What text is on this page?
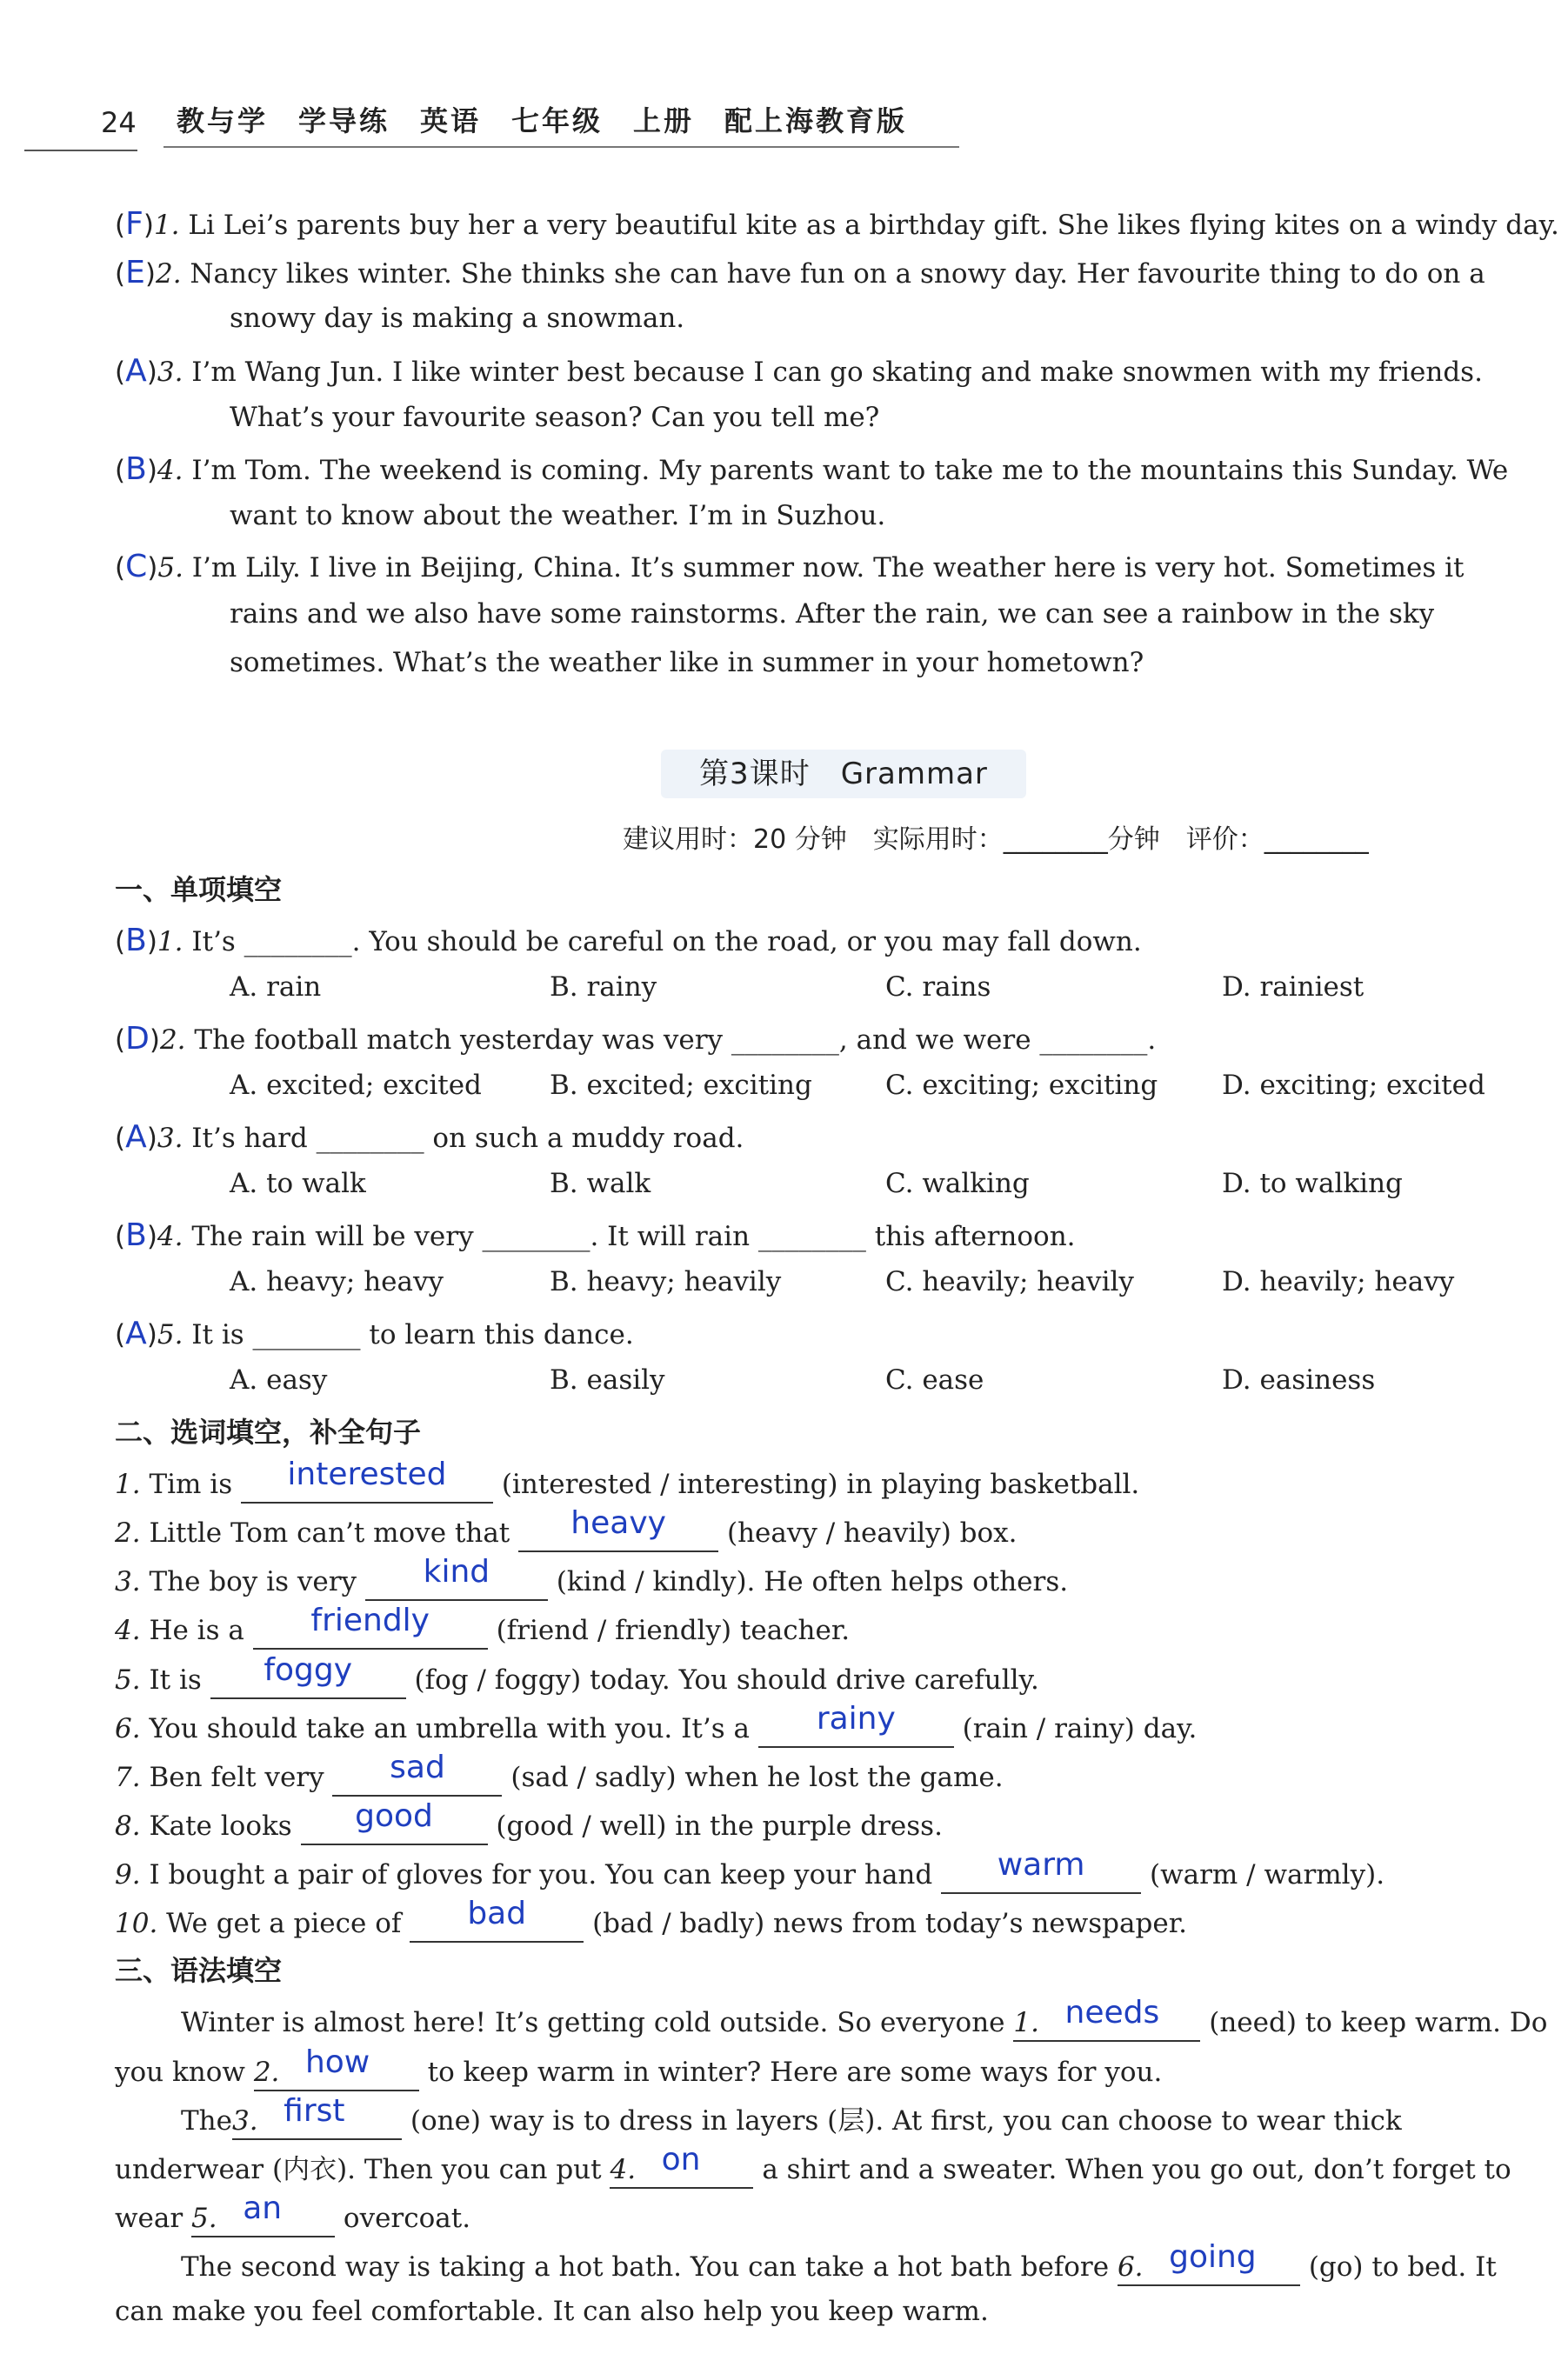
24 教与学　学导练　英语　七年级　上册　配上海教育版
(F)1. Li Lei’s parents buy her a very beautiful kite as a birthday gift. She likes flying kites on a windy day.
(E)2. Nancy likes winter. She thinks she can have fun on a snowy day. Her favourite thing to do on a
snowy day is making a snowman.
(A)3. I’m Wang Jun. I like winter best because I can go skating and make snowmen with my friends.
What’s your favourite season? Can you tell me?
(B)4. I’m Tom. The weekend is coming. My parents want to take me to the mountains this Sunday. We
want to know about the weather. I’m in Suzhou.
(C)5. I’m Lily. I live in Beijing, China. It’s summer now. The weather here is very hot. Sometimes it
rains and we also have some rainstorms. After the rain, we can see a rainbow in the sky
sometimes. What’s the weather like in summer in your hometown?
第3课时　Grammar
建议用时：20 分钟　实际用时：________分钟　评价：________
一、单项填空
(B)1. It’s ________. You should be careful on the road, or you may fall down.
A. rain	B. rainy	C. rains	D. rainiest
(D)2. The football match yesterday was very ________, and we were ________.
A. excited; excited	B. excited; exciting	C. exciting; exciting D. exciting; excited
(A)3. It’s hard ________ on such a muddy road.
A. to walk	B. walk	C. walking	D. to walking
(B)4. The rain will be very ________. It will rain ________ this afternoon.
A. heavy; heavy	B. heavy; heavily	C. heavily; heavily	D. heavily; heavy
(A)5. It is ________ to learn this dance.
A. easy	B. easily	C. ease	D. easiness
二、选词填空，补全句子
1. Tim is interested (interested / interesting) in playing basketball.
2. Little Tom can’t move that heavy (heavy / heavily) box.
3. The boy is very kind (kind / kindly). He often helps others.
4. He is a friendly (friend / friendly) teacher.
5. It is foggy (fog / foggy) today. You should drive carefully.
6. You should take an umbrella with you. It’s a rainy (rain / rainy) day.
7. Ben felt very sad (sad / sadly) when he lost the game.
8. Kate looks good (good / well) in the purple dress.
9. I bought a pair of gloves for you. You can keep your hand warm (warm / warmly).
10. We get a piece of bad (bad / badly) news from today’s newspaper.
三、语法填空
Winter is almost here! It’s getting cold outside. So everyone 1. needs (need) to keep warm. Do
you know 2. how to keep warm in winter? Here are some ways for you.
The3. first (one) way is to dress in layers (层). At first, you can choose to wear thick
underwear (内衣). Then you can put 4. on a shirt and a sweater. When you go out, don’t forget to
wear 5. an overcoat.
The second way is taking a hot bath. You can take a hot bath before 6. going (go) to bed. It
can make you feel comfortable. It can also help you keep warm.
